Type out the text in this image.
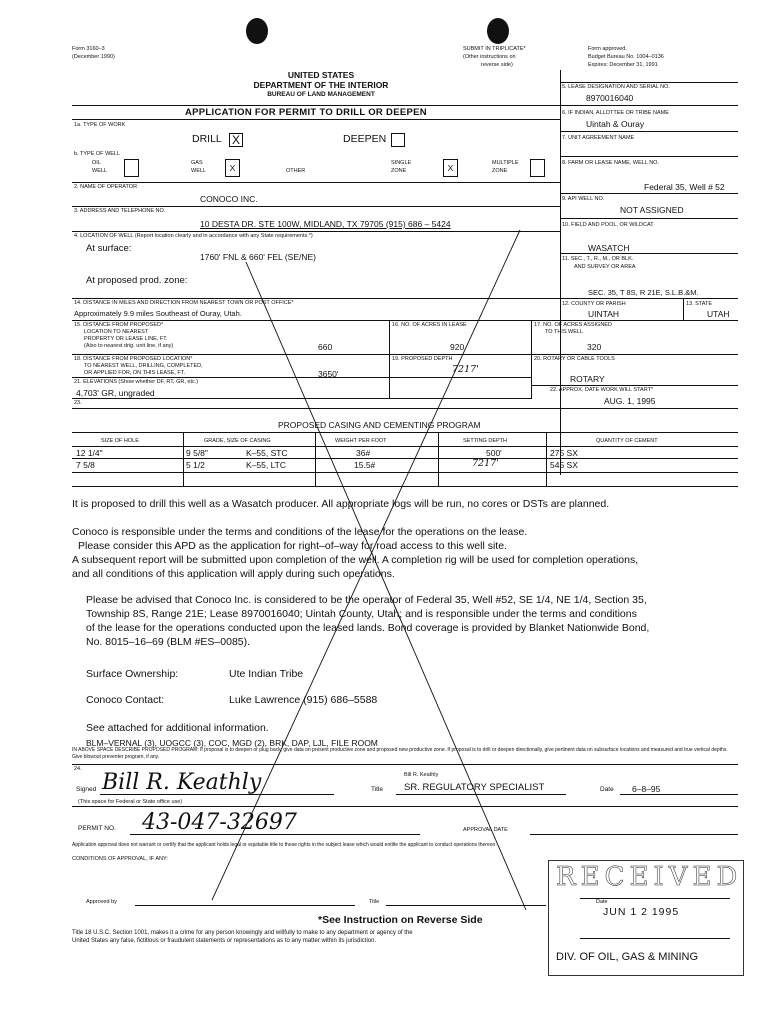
Form 3160–3
(December 1990)
SUBMIT IN TRIPLICATE*
(Other instructions on
reverse side)
Form approved.
Budget Bureau No. 1004–0136
Expires: December 31, 1991
UNITED STATES
DEPARTMENT OF THE INTERIOR
BUREAU OF LAND MANAGEMENT
APPLICATION FOR PERMIT TO DRILL OR DEEPEN
5. LEASE DESIGNATION AND SERIAL NO.
8970016040
6. IF INDIAN, ALLOTTEE OR TRIBE NAME
Uintah & Ouray
7. UNIT AGREEMENT NAME
8. FARM OR LEASE NAME, WELL NO.
Federal 35, Well # 52
9. API WELL NO.
NOT ASSIGNED
10. FIELD AND POOL, OR WILDCAT
WASATCH
11. SEC., T., R., M., OR BLK.
AND SURVEY OR AREA
SEC. 35, T 8S, R 21E, S.L.B.&M.
12. COUNTY OR PARISH
UINTAH
13. STATE
UTAH
1a. TYPE OF WORK
DRILL X	DEEPEN
b. TYPE OF WELL
OIL
WELL
GAS
WELL	X	OTHER
SINGLE
ZONE	X	MULTIPLE
ZONE
2. NAME OF OPERATOR
CONOCO INC.
3. ADDRESS AND TELEPHONE NO.
10 DESTA DR. STE 100W, MIDLAND, TX 79705 (915) 686 – 5424
4. LOCATION OF WELL (Report location clearly and in accordance with any State requirements.*)
At surface:
1760' FNL & 660' FEL (SE/NE)
At proposed prod. zone:
14. DISTANCE IN MILES AND DIRECTION FROM NEAREST TOWN OR POST OFFICE*
Approximately 9.9 miles Southeast of Ouray, Utah.
15. DISTANCE FROM PROPOSED*
LOCATION TO NEAREST
PROPERTY OR LEASE LINE, FT.
(Also to nearest drig. unit line, if any)	660
16. NO. OF ACRES IN LEASE
920
17. NO. OF ACRES ASSIGNED
TO THIS WELL
320
18. DISTANCE FROM PROPOSED LOCATION*
TO NEAREST WELL, DRILLING, COMPLETED,
OR APPLIED FOR, ON THIS LEASE, FT.	3650'
19. PROPOSED DEPTH
7217'
20. ROTARY OR CABLE TOOLS
ROTARY
21. ELEVATIONS (Show whether DF, RT, GR, etc.)
4,703' GR, ungraded	22. APPROX. DATE WORK WILL START*
AUG. 1, 1995
23.
PROPOSED CASING AND CEMENTING PROGRAM
SIZE OF HOLE	GRADE, SIZE OF CASING	WEIGHT PER FOOT	SETTING DEPTH	QUANTITY OF CEMENT
12 1/4"	9 5/8"	K–55, STC	36#	500'	275 SX
7 5/8	5 1/2	K–55, LTC	15.5#	7217'	545 SX
It is proposed to drill this well as a Wasatch producer. All appropriate logs will be run, no cores or DSTs are planned.
Conoco is responsible under the terms and conditions of the lease for the operations on the lease.
Please consider this APD as the application for right–of–way for road access to this well site.
A subsequent report will be submitted upon completion of the well. A completion rig will be used for completion operations,
and all conditions of this application will apply during such operations.
Please be advised that Conoco Inc. is considered to be the operator of Federal 35, Well #52, SE 1/4, NE 1/4, Section 35,
Township 8S, Range 21E; Lease 8970016040; Uintah County, Utah; and is responsible under the terms and conditions
of the lease for the operations conducted upon the leased lands. Bond coverage is provided by Blanket Nationwide Bond,
No. 8015–16–69 (BLM #ES–0085).
Surface Ownership:	Ute Indian Tribe
Conoco Contact:	Luke Lawrence (915) 686–5588
See attached for additional information.
BLM–VERNAL (3), UOGCC (3), COC, MGD (2), BRK, DAP, LJL, FILE ROOM
IN ABOVE SPACE DESCRIBE PROPOSED PROGRAM: If proposal is to deepen or plug back, give data on present productive zone and proposed new productive zone. If proposal is to drill or deepen directionally, give pertinent data on subsurface locations and measured and true vertical depths. Give blowout preventer program, if any.
24.
Bill R. Keathly
Signed Bill R. Keathly	Title SR. REGULATORY SPECIALIST	Date 6–8–95
(This space for Federal or State office use)
PERMIT NO. 43-047-32697	APPROVAL DATE
Application approval does not warrant or certify that the applicant holds legal or equitable title to those rights in the subject lease which would entitle the applicant to conduct operations thereon.
CONDITIONS OF APPROVAL, IF ANY:
Approved by	Title	Date
*See Instruction on Reverse Side
Title 18 U.S.C. Section 1001, makes it a crime for any person knowingly and willfully to make to any department or agency of the
United States any false, fictitious or fraudulent statements or representations as to any matter within its jurisdiction.
RECEIVED
JUN 1 2 1995
DIV. OF OIL, GAS & MINING
